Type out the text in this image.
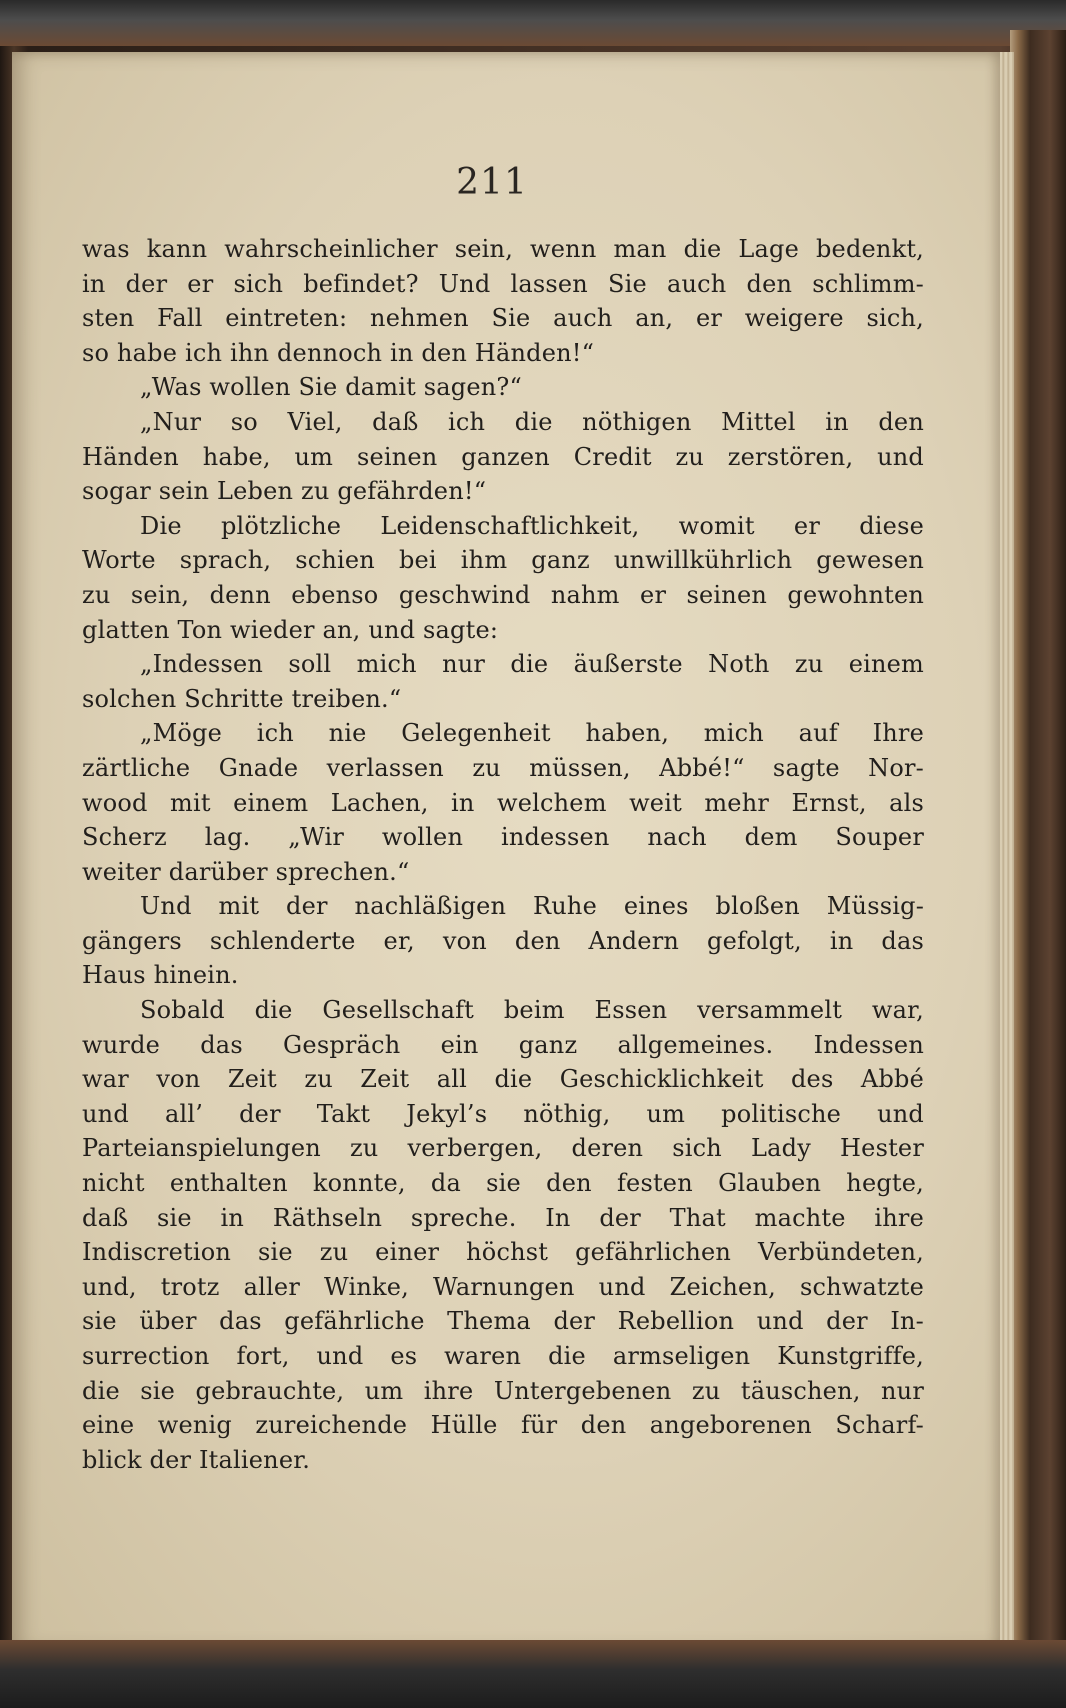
211
was kann wahrscheinlicher sein, wenn man die Lage bedenkt,
in der er sich befindet? Und lassen Sie auch den schlimm-
sten Fall eintreten: nehmen Sie auch an, er weigere sich,
so habe ich ihn dennoch in den Händen!“
„Was wollen Sie damit sagen?“
„Nur so Viel, daß ich die nöthigen Mittel in den
Händen habe, um seinen ganzen Credit zu zerstören, und
sogar sein Leben zu gefährden!“
Die plötzliche Leidenschaftlichkeit, womit er diese
Worte sprach, schien bei ihm ganz unwillkührlich gewesen
zu sein, denn ebenso geschwind nahm er seinen gewohnten
glatten Ton wieder an, und sagte:
„Indessen soll mich nur die äußerste Noth zu einem
solchen Schritte treiben.“
„Möge ich nie Gelegenheit haben, mich auf Ihre
zärtliche Gnade verlassen zu müssen, Abbé!“ sagte Nor-
wood mit einem Lachen, in welchem weit mehr Ernst, als
Scherz lag. „Wir wollen indessen nach dem Souper
weiter darüber sprechen.“
Und mit der nachläßigen Ruhe eines bloßen Müssig-
gängers schlenderte er, von den Andern gefolgt, in das
Haus hinein.
Sobald die Gesellschaft beim Essen versammelt war,
wurde das Gespräch ein ganz allgemeines. Indessen
war von Zeit zu Zeit all die Geschicklichkeit des Abbé
und all’ der Takt Jekyl’s nöthig, um politische und
Parteianspielungen zu verbergen, deren sich Lady Hester
nicht enthalten konnte, da sie den festen Glauben hegte,
daß sie in Räthseln spreche. In der That machte ihre
Indiscretion sie zu einer höchst gefährlichen Verbündeten,
und, trotz aller Winke, Warnungen und Zeichen, schwatzte
sie über das gefährliche Thema der Rebellion und der In-
surrection fort, und es waren die armseligen Kunstgriffe,
die sie gebrauchte, um ihre Untergebenen zu täuschen, nur
eine wenig zureichende Hülle für den angeborenen Scharf-
blick der Italiener.
